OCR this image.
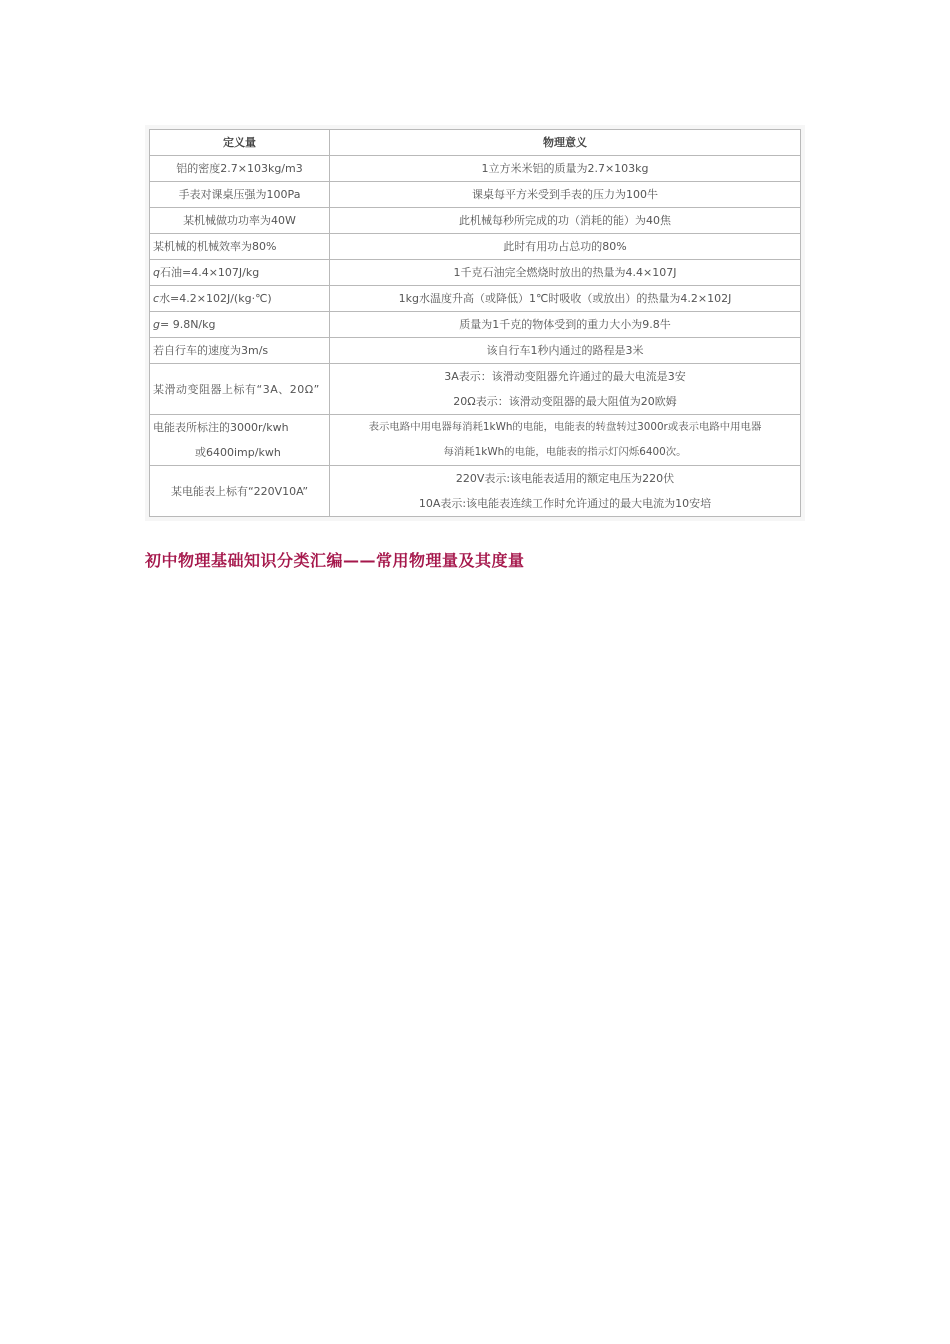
定义量	物理意义
铝的密度2.7×103kg/m3	1立方米米铝的质量为2.7×103kg
手表对课桌压强为100Pa	课桌每平方米受到手表的压力为100牛
某机械做功功率为40W	此机械每秒所完成的功（消耗的能）为40焦
某机械的机械效率为80%	此时有用功占总功的80%
q石油=4.4×107J/kg	1千克石油完全燃烧时放出的热量为4.4×107J
c水=4.2×102J/(kg·℃)	1kg水温度升高（或降低）1℃时吸收（或放出）的热量为4.2×102J
g= 9.8N/kg	质量为1千克的物体受到的重力大小为9.8牛
若自行车的速度为3m/s	该自行车1秒内通过的路程是3米
某滑动变阻器上标有“3A、20Ω”	3A表示：该滑动变阻器允许通过的最大电流是3安
20Ω表示：该滑动变阻器的最大阻值为20欧姆

电能表所标注的3000r/kwh
或6400imp/kwh	表示电路中用电器每消耗1kWh的电能，电能表的转盘转过3000r或表示电路中用电器
每消耗1kWh的电能，电能表的指示灯闪烁6400次。

某电能表上标有“220V10A”	220V表示:该电能表适用的额定电压为220伏
10A表示:该电能表连续工作时允许通过的最大电流为10安培
初中物理基础知识分类汇编——常用物理量及其度量
